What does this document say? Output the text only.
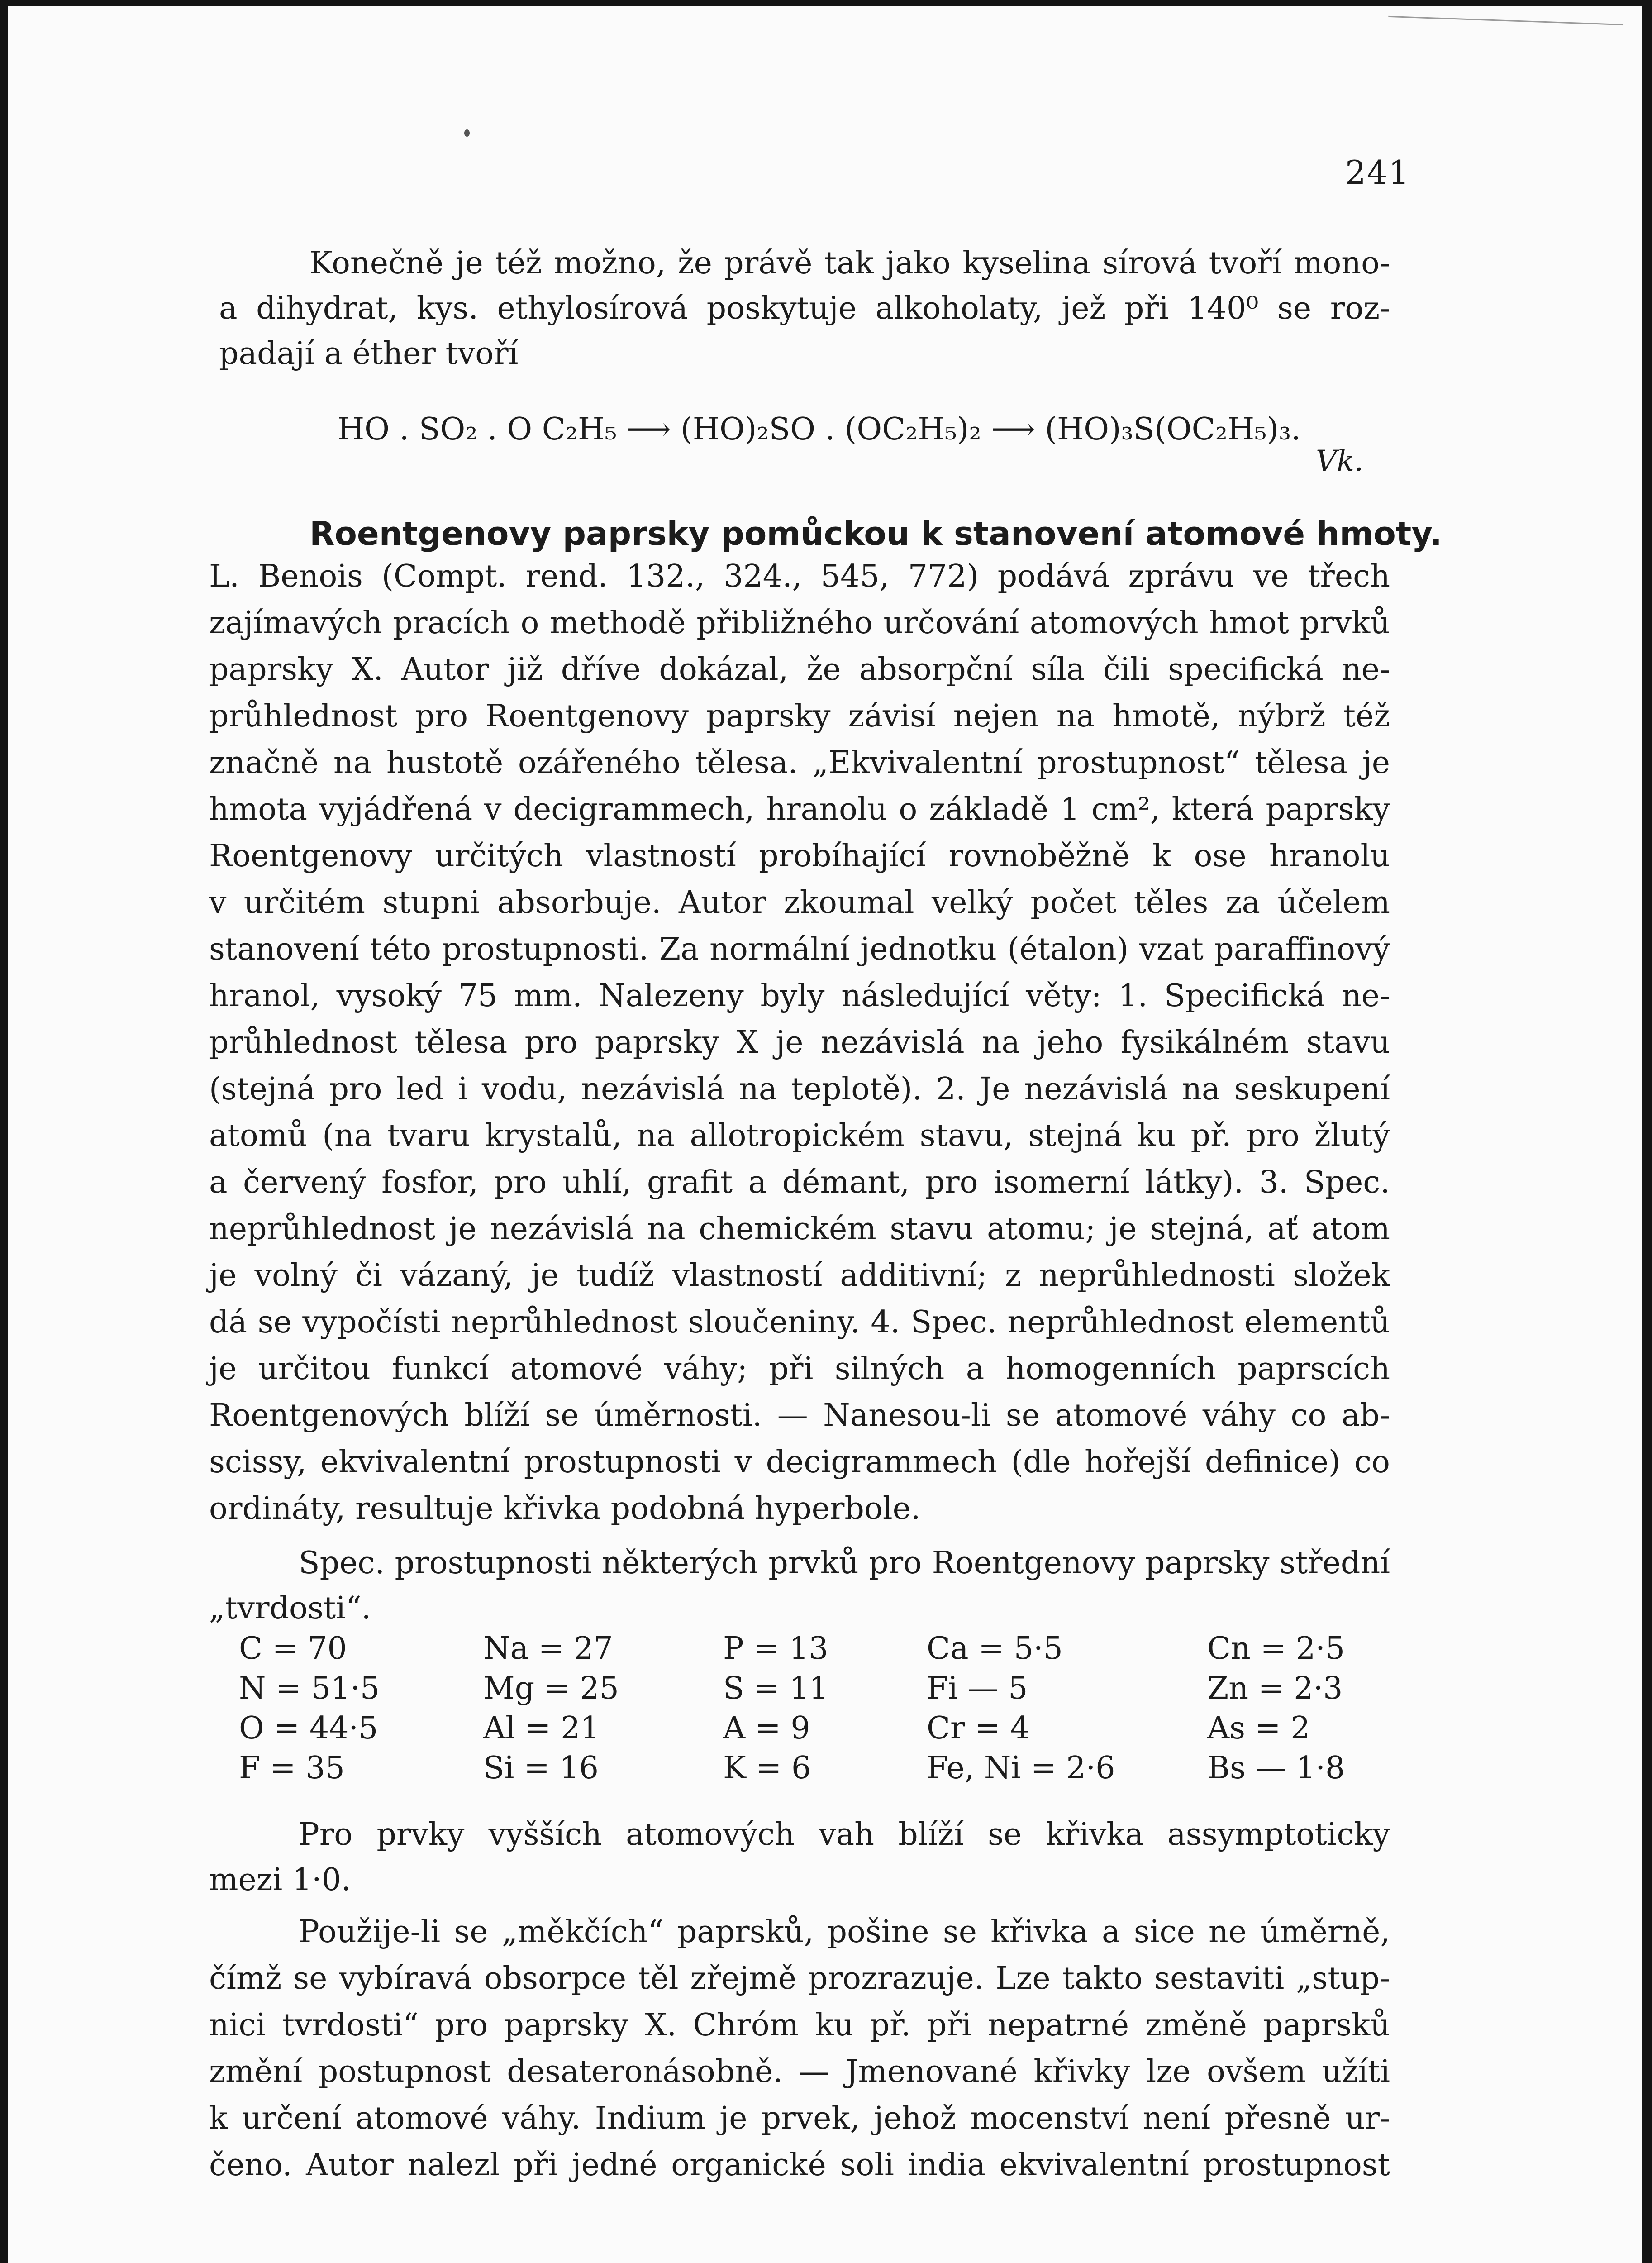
241
Konečně je též možno, že právě tak jako kyselina sírová tvoří mono-
a dihydrat, kys. ethylosírová poskytuje alkoholaty, jež při 140⁰ se roz-
padají a éther tvoří
HO . SO₂ . O C₂H₅ ⟶ (HO)₂SO . (OC₂H₅)₂ ⟶ (HO)₃S(OC₂H₅)₃.
Vk.
Roentgenovy paprsky pomůckou k stanovení atomové hmoty.
L. Benois (Compt. rend. 132., 324., 545, 772) podává zprávu ve třech
zajímavých pracích o methodě přibližného určování atomových hmot prvků
paprsky X. Autor již dříve dokázal, že absorpční síla čili specifická ne-
průhlednost pro Roentgenovy paprsky závisí nejen na hmotě, nýbrž též
značně na hustotě ozářeného tělesa. „Ekvivalentní prostupnost“ tělesa je
hmota vyjádřená v decigrammech, hranolu o základě 1 cm², která paprsky
Roentgenovy určitých vlastností probíhající rovnoběžně k ose hranolu
v určitém stupni absorbuje. Autor zkoumal velký počet těles za účelem
stanovení této prostupnosti. Za normální jednotku (étalon) vzat paraffinový
hranol, vysoký 75 mm. Nalezeny byly následující věty: 1. Specifická ne-
průhlednost tělesa pro paprsky X je nezávislá na jeho fysikálném stavu
(stejná pro led i vodu, nezávislá na teplotě). 2. Je nezávislá na seskupení
atomů (na tvaru krystalů, na allotropickém stavu, stejná ku př. pro žlutý
a červený fosfor, pro uhlí, grafit a démant, pro isomerní látky). 3. Spec.
neprůhlednost je nezávislá na chemickém stavu atomu; je stejná, ať atom
je volný či vázaný, je tudíž vlastností additivní; z neprůhlednosti složek
dá se vypočísti neprůhlednost sloučeniny. 4. Spec. neprůhlednost elementů
je určitou funkcí atomové váhy; při silných a homogenních paprscích
Roentgenových blíží se úměrnosti. — Nanesou-li se atomové váhy co ab-
scissy, ekvivalentní prostupnosti v decigrammech (dle hořejší definice) co
ordináty, resultuje křivka podobná hyperbole.
Spec. prostupnosti některých prvků pro Roentgenovy paprsky střední
„tvrdosti“.
C = 70	Na = 27	P = 13	Ca = 5·5	Cn = 2·5
N = 51·5	Mg = 25	S = 11	Fi — 5	Zn = 2·3
O = 44·5	Al = 21	A = 9	Cr = 4	As = 2
F = 35	Si = 16	K = 6	Fe, Ni = 2·6	Bs — 1·8
Pro prvky vyšších atomových vah blíží se křivka assymptoticky
mezi 1·0.
Použije-li se „měkčích“ paprsků, pošine se křivka a sice ne úměrně,
čímž se vybíravá obsorpce těl zřejmě prozrazuje. Lze takto sestaviti „stup-
nici tvrdosti“ pro paprsky X. Chróm ku př. při nepatrné změně paprsků
změní postupnost desateronásobně. — Jmenované křivky lze ovšem užíti
k určení atomové váhy. Indium je prvek, jehož mocenství není přesně ur-
čeno. Autor nalezl při jedné organické soli india ekvivalentní prostupnost
